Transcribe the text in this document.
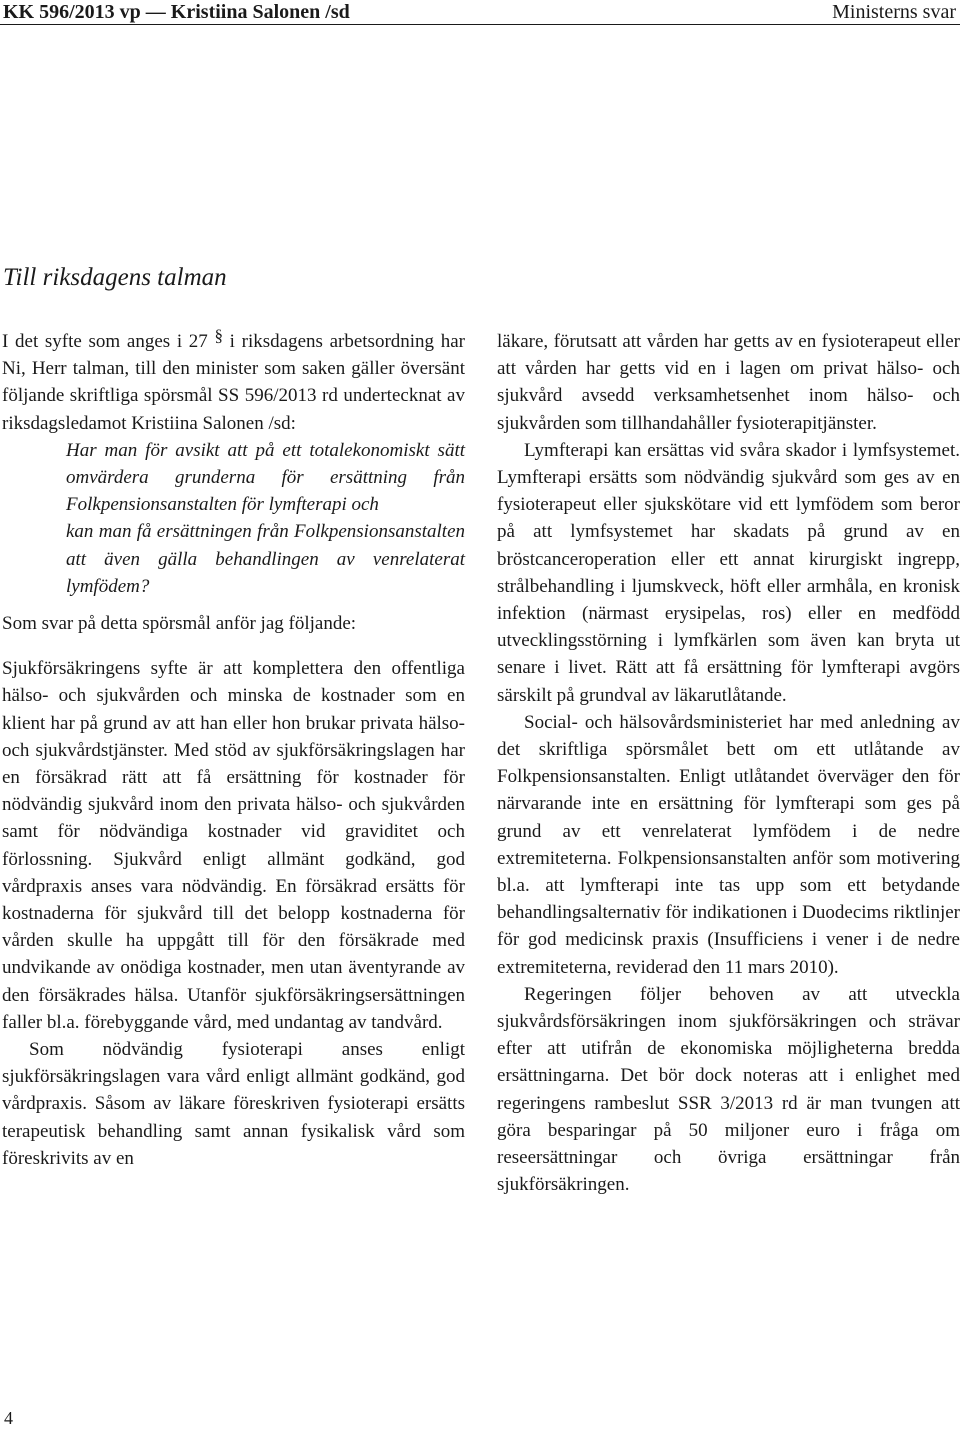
KK 596/2013 vp — Kristiina Salonen /sd	Ministerns svar
Till riksdagens talman

I det syfte som anges i 27 § i riksdagens arbetsordning har Ni, Herr talman, till den minister som saken gäller översänt följande skriftliga spörsmål SS 596/2013 rd undertecknat av riksdagsledamot Kristiina Salonen /sd:

Har man för avsikt att på ett totalekonomiskt sätt omvärdera grunderna för ersättning från Folkpensionsanstalten för lymfterapi och

kan man få ersättningen från Folkpensionsanstalten att även gälla behandlingen av venrelaterat lymfödem?

Som svar på detta spörsmål anför jag följande:

Sjukförsäkringens syfte är att komplettera den offentliga hälso- och sjukvården och minska de kostnader som en klient har på grund av att han eller hon brukar privata hälso- och sjukvårdstjänster. Med stöd av sjukförsäkringslagen har en försäkrad rätt att få ersättning för kostnader för nödvändig sjukvård inom den privata hälso- och sjukvården samt för nödvändiga kostnader vid graviditet och förlossning. Sjukvård enligt allmänt godkänd, god vårdpraxis anses vara nödvändig. En försäkrad ersätts för kostnaderna för sjukvård till det belopp kostnaderna för vården skulle ha uppgått till för den försäkrade med undvikande av onödiga kostnader, men utan äventyrande av den försäkrades hälsa. Utanför sjukförsäkringsersättningen faller bl.a. förebyggande vård, med undantag av tandvård.

Som nödvändig fysioterapi anses enligt sjukförsäkringslagen vara vård enligt allmänt godkänd, god vårdpraxis. Såsom av läkare föreskriven fysioterapi ersätts terapeutisk behandling samt annan fysikalisk vård som föreskrivits av en

läkare, förutsatt att vården har getts av en fysioterapeut eller att vården har getts vid en i lagen om privat hälso- och sjukvård avsedd verksamhetsenhet inom hälso- och sjukvården som tillhandahåller fysioterapitjänster.

Lymfterapi kan ersättas vid svåra skador i lymfsystemet. Lymfterapi ersätts som nödvändig sjukvård som ges av en fysioterapeut eller sjukskötare vid ett lymfödem som beror på att lymfsystemet har skadats på grund av en bröstcanceroperation eller ett annat kirurgiskt ingrepp, strålbehandling i ljumskveck, höft eller armhåla, en kronisk infektion (närmast erysipelas, ros) eller en medfödd utvecklingsstörning i lymfkärlen som även kan bryta ut senare i livet. Rätt att få ersättning för lymfterapi avgörs särskilt på grundval av läkarutlåtande.

Social- och hälsovårdsministeriet har med anledning av det skriftliga spörsmålet bett om ett utlåtande av Folkpensionsanstalten. Enligt utlåtandet överväger den för närvarande inte en ersättning för lymfterapi som ges på grund av ett venrelaterat lymfödem i de nedre extremiteterna. Folkpensionsanstalten anför som motivering bl.a. att lymfterapi inte tas upp som ett betydande behandlingsalternativ för indikationen i Duodecims riktlinjer för god medicinsk praxis (Insufficiens i vener i de nedre extremiteterna, reviderad den 11 mars 2010).

Regeringen följer behoven av att utveckla sjukvårdsförsäkringen inom sjukförsäkringen och strävar efter att utifrån de ekonomiska möjligheterna bredda ersättningarna. Det bör dock noteras att i enlighet med regeringens rambeslut SSR 3/2013 rd är man tvungen att göra besparingar på 50 miljoner euro i fråga om reseersättningar och övriga ersättningar från sjukförsäkringen.

4
